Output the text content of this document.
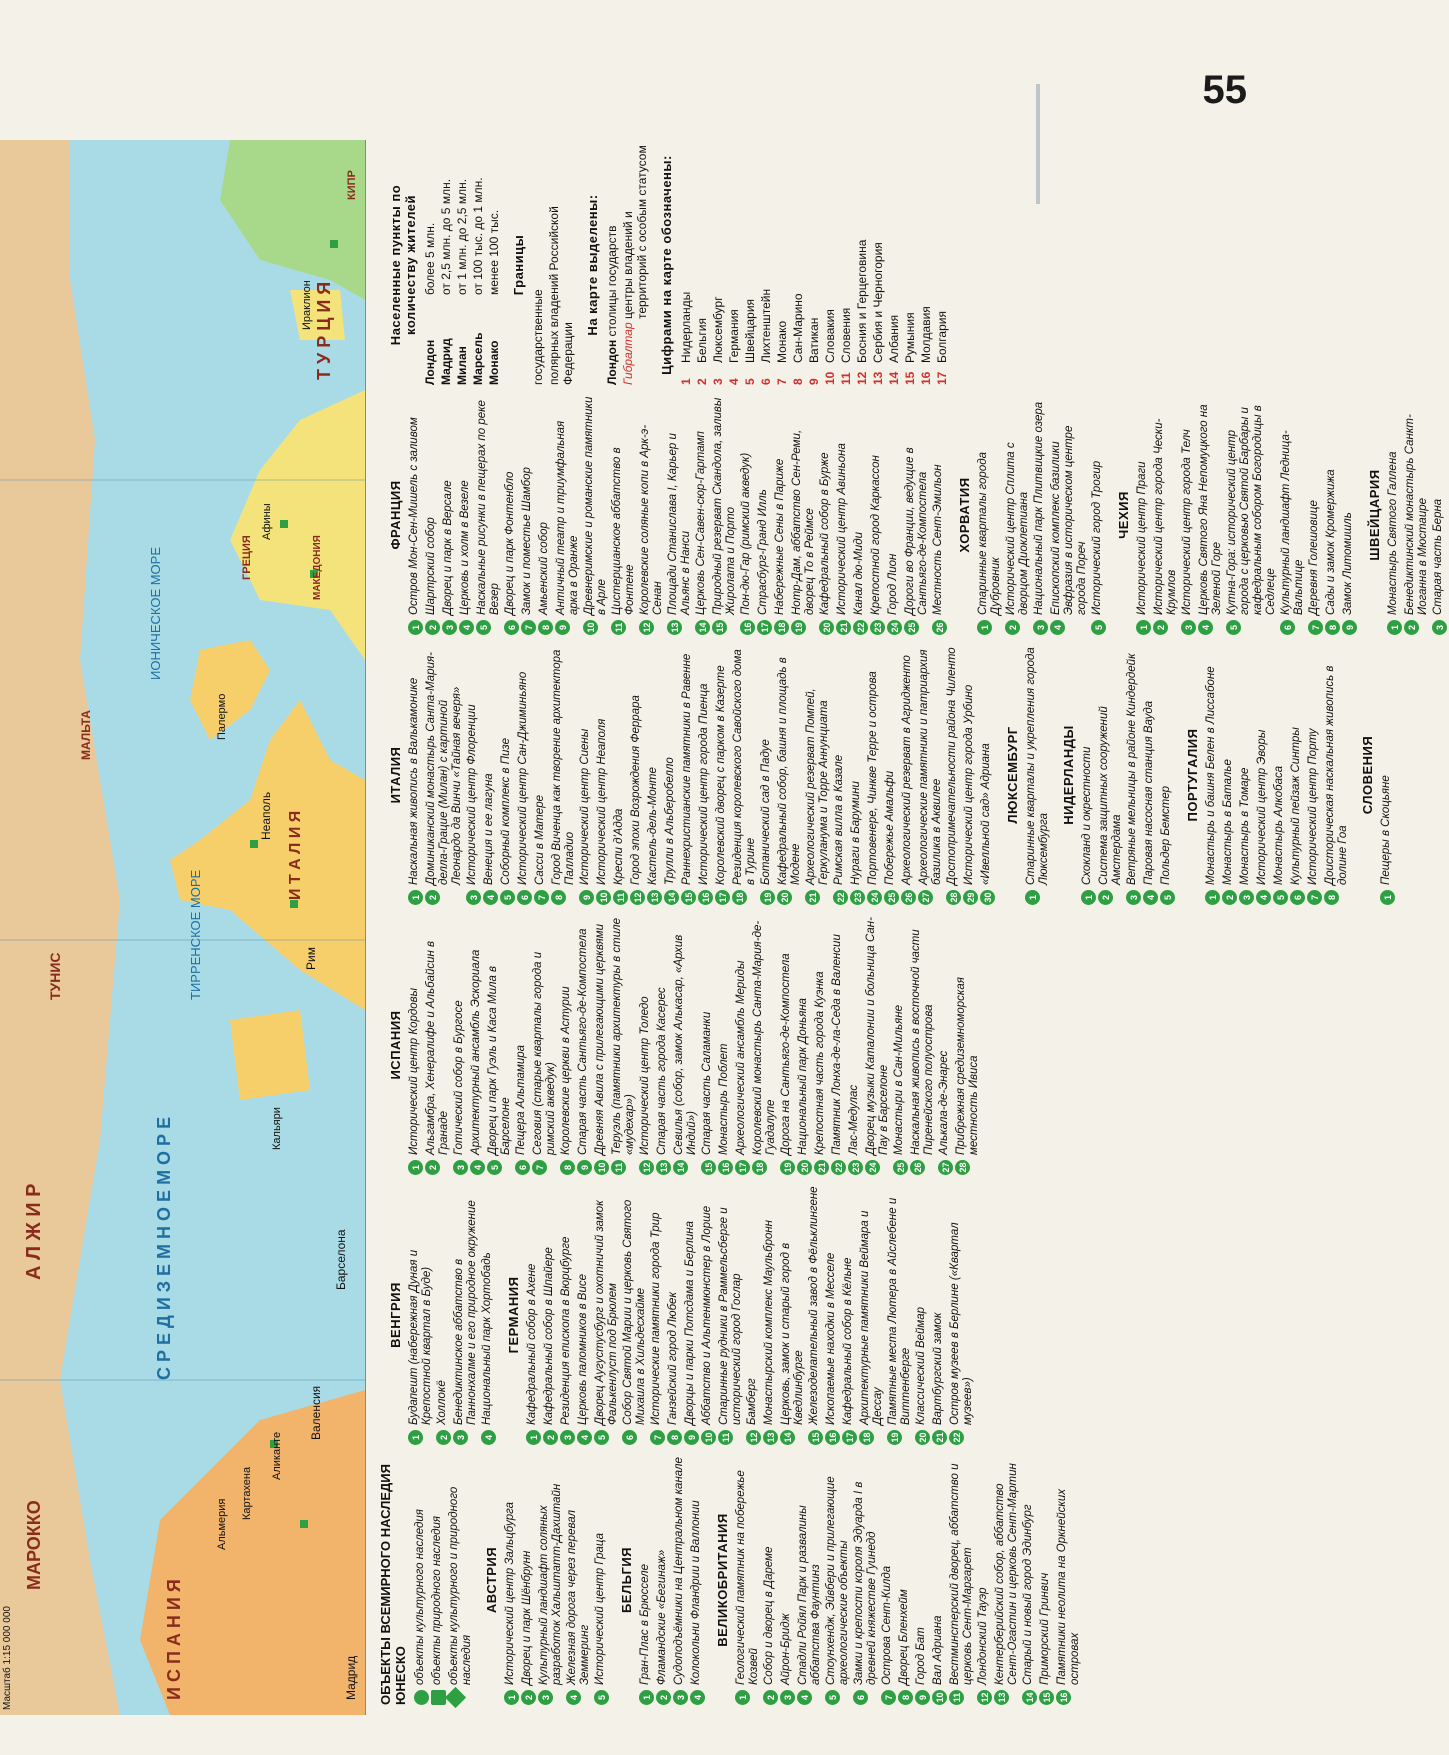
55
И С П А Н И Я
МАРОККО
А Л Ж И Р
ТУНИС
С Р Е Д И З Е М Н О Е М О Р Е
ТИРРЕНСКОЕ МОРЕ
ИОНИЧЕСКОЕ МОРЕ
И Т А Л И Я
Т У Р Ц И Я
МАЛЬТА
КИПР
ГРЕЦИЯ	МАКЕДОНИЯ
Мадрид
Барселона
Валенсия
Аликанте
Картахена
Альмерия
Рим
Неаполь
Палермо
Кальяри
Афины
Ираклион
Масштаб 1:15 000 000	ОБЪЕКТЫ ВСЕМИРНОГО НАСЛЕДИЯ ЮНЕСКО объекты культурного наследия объекты природного наследия объекты культурного и природного наследия
АВСТРИЯ
1
Исторический центр Зальцбурга
2
Дворец и парк Шёнбрунн
3
Культурный ландшафт соляных разработок Хальштатт-Дахштайн
4
Железная дорога через перевал Земмеринг
5
Исторический центр Граца БЕЛЬГИЯ
1
Гран-Плас в Брюсселе
2
Фламандские «Бегинаж»
3
Судоподъёмники на Центральном канале
4
Колокольни Фландрии и Валлонии ВЕЛИКОБРИТАНИЯ
1
Геологический памятник на побережье Козвей
2
Собор и дворец в Дареме
3
Айрон-Бридж
4
Стадли Ройял Парк и развалины аббатства Фаунтинз
5
Стоунхендж, Эйвбери и прилегающие археологические объекты
6
Замки и крепости короля Эдуарда I в древней княжестве Гуинедд
7
Острова Сент-Килда
8
Дворец Бленхейм
9
Город Бат
10
Вал Адриана
11
Вестминстерский дворец, аббатство и церковь Сент-Маргарет
12
Лондонский Тауэр
13
Кентерберийский собор, аббатство Сент-Огастин и церковь Сент-Мартин
14
Старый и новый город Эдинбург
15
Приморский Гринвич
16
Памятники неолита на Оркнейских островах
ВЕНГРИЯ
1
Будапешт (набережная Дуная и Крепостной квартал в Буде)
2
Холлокё
3
Бенедиктинское аббатство в Паннонхалме и его природное окружение
4
Национальный парк Хортобадь ГЕРМАНИЯ
1
Кафедральный собор в Ахене
2
Кафедральный собор в Шпайере
3
Резиденция епископа в Вюрцбурге
4
Церковь паломников в Висе
5
Дворец Аугустусбург и охотничий замок Фалькенлуст под Брюлем
6
Собор Святой Марии и церковь Святого Михаила в Хильдесхайме
7
Исторические памятники города Трир
8
Ганзейский город Любек
9
Дворцы и парки Потсдама и Берлина
10
Аббатство и Альтенмюнстер в Лорше
11
Старинные рудники в Раммельсберге и исторический город Гослар
12
Бамберг
13
Монастырский комплекс Маульбронн
14
Церковь, замок и старый город в Кведлинбурге
15
Железоделательный завод в Фёльклингене
16
Ископаемые находки в Месселе
17
Кафедральный собор в Кёльне
18
Архитектурные памятники Веймара и Дессау
19
Памятные места Лютера в Айслебене и Виттенберге
20
Классический Веймар
21
Вартбургский замок
22
Остров музеев в Берлине («Квартал музеев»)
ИСПАНИЯ
1
Исторический центр Кордовы
2
Альгамбра, Хенералифе и Альбайсин в Гранаде
3
Готический собор в Бургосе
4
Архитектурный ансамбль Эскориала
5
Дворец и парк Гуэль и Каса Мила в Барселоне
6
Пещера Альтамира
7
Сеговия (старые кварталы города и римский акведук)
8
Королевские церкви в Астурии
9
Старая часть Сантьяго-де-Компостела
10
Древняя Авила с прилегающими церквями
11
Теруэль (памятники архитектуры в стиле «мудехар»)
12
Исторический центр Толедо
13
Старая часть города Касерес
14
Севилья (собор, замок Алькасар, «Архив Индий»)
15
Старая часть Саламанки
16
Монастырь Поблет
17
Археологический ансамбль Мериды
18
Королевский монастырь Санта-Мария-де-Гуадалупе
19
Дорога на Сантьяго-де-Компостела
20
Национальный парк Доньяна
21
Крепостная часть города Куэнка
22
Памятник Лонха-де-ла-Седа в Валенсии
23
Лас-Медулас
24
Дворец музыки Каталонии и больница Сан-Пау в Барселоне
25
Монастыри в Сан-Мильяне
26
Наскальная живопись в восточной части Пиренейского полуострова
27
Алькала-де-Энарес
28
Прибрежная средиземноморская местность Ивиса
ИТАЛИЯ
1
Наскальная живопись в Валькамонике
2
Доминиканский монастырь Санта-Мария-делла-Грацие (Милан) с картиной Леонардо да Винчи «Тайная вечеря»
3
Исторический центр Флоренции
4
Венеция и ее лагуна
5
Соборный комплекс в Пизе
6
Исторический центр Сан-Джиминьяно
7
Сасси в Матере
8
Город Виченца как творение архитектора Палладио
9
Исторический центр Сиены
10
Исторический центр Неаполя
11
Креспи д'Адда
12
Город эпохи Возрождения Феррара
13
Кастель-дель-Монте
14
Трулли в Альберобелло
15
Раннехристианские памятники в Равенне
16
Исторический центр города Пиенца
17
Королевский дворец с парком в Казерте
18
Резиденция королевского Савойского дома в Турине
19
Ботанический сад в Падуе
20
Кафедральный собор, башня и площадь в Модене
21
Археологический резерват Помпей, Геркуланума и Торре Аннунциата
22
Римская вилла в Казале
23
Нураги в Барумини
24
Портовенере, Чинкве Терре и острова
25
Побережье Амальфи
26
Археологический резерват в Агридженто
27
Археологические памятники и патриархия базилика в Аквилее
28
Достопримечательности района Чиленто
29
Исторический центр города Урбино
30
«Ивелльной сад» Адриана ЛЮКСЕМБУРГ
1
Старинные кварталы и укрепления города Люксембурга
НИДЕРЛАНДЫ
1
Схокланд и окрестности
2
Система защитных сооружений Амстердама
3
Ветряные мельницы в районе Киндердейк
4
Паровая насосная станция Вауда
5
Польдер Бемстер
ПОРТУГАЛИЯ
1
Монастырь и башня Белен в Лиссабоне
2
Монастырь в Баталье
3
Монастырь в Томаре
4
Исторический центр Эворы
5
Монастырь Алкобаса
6
Культурный пейзаж Синтры
7
Исторический центр Порту
8
Доисторическая наскальная живопись в долине Гоа
СЛОВЕНИЯ
1
Пещеры в Скоцьяне
ФРАНЦИЯ
1
Остров Мон-Сен-Мишель с заливом
2
Шартрский собор
3
Дворец и парк в Версале
4
Церковь и холм в Везеле
5
Наскальные рисунки в пещерах по реке Везер
6
Дворец и парк Фонтенбло
7
Замок и поместье Шамбор
8
Амьенский собор
9
Античный театр и триумфальная арка в Оранже
10
Древнеримские и романские памятники в Арле
11
Цистерцианское аббатство в Фонтене
12
Королевские соляные копи в Арк-э-Сенан
13
Площади Станислава I, Карьер и Альянс в Нанси
14
Церковь Сен-Савен-сюр-Гартамп
15
Природный резерват Скандола, заливы Жиролата и Порто
16
Пон-дю-Гар (римский акведук)
17
Страсбург-Гранд Илль
18
Набережные Сены в Париже
19
Нотр-Дам, аббатство Сен-Реми, дворец То в Реймсе
20
Кафедральный собор в Бурже
21
Исторический центр Авиньона
22
Канал дю-Миди
23
Крепостной город Каркассон
24
Город Лион
25
Дороги во Франции, ведущие в Сантьяго-де-Компостела
26
Местность Сент-Эмильон ХОРВАТИЯ
1
Старинные кварталы города Дубровник
2
Исторический центр Сплита с дворцом Диоклетиана
3
Национальный парк Плитвицкие озера
4
Епископский комплекс базилики Эвфразия в историческом центре города Пореч
5
Исторический город Трогир ЧЕХИЯ
1
Исторический центр Праги
2
Исторический центр города Чески-Крумлов
3
Исторический центр города Телч
4
Церковь Святого Яна Непомуцкого на Зеленой Горе
5
Кутна-Гора: исторический центр города с церковью Святой Барбары и кафедральным собором Богородицы в Седлеце
6
Культурный ландшафт Ледница-Вальтице
7
Деревня Голешовице
8
Сады и замок Кромержижа
9
Замок Литомишль ШВЕЙЦАРИЯ
1
Монастырь Святого Галлена
2
Бенедиктинский монастырь Санкт-Иоганна в Мюстаире
3
Старая часть Берна
Населенные пункты по количеству жителей
Лондон
более 5 млн.
Мадрид
от 2,5 млн. до 5 млн.
Милан
от 1 млн. до 2,5 млн.
Марсель
от 100 тыс. до 1 млн.
Монако
менее 100 тыс. Границы
государственные полярных владений Российской Федерации
На карте выделены:
Лондон

столицы государств
Гибралтар

центры владений и территорий с особым статусом Цифрами на карте обозначены:
1
Нидерланды
2
Бельгия
3
Люксембург
4
Германия
5
Швейцария
6
Лихтенштейн
7
Монако
8
Сан-Марино
9
Ватикан
10
Словакия
11
Словения
12
Босния и Герцеговина
13
Сербия и Черногория
14
Албания
15
Румыния
16
Молдавия
17
Болгария
